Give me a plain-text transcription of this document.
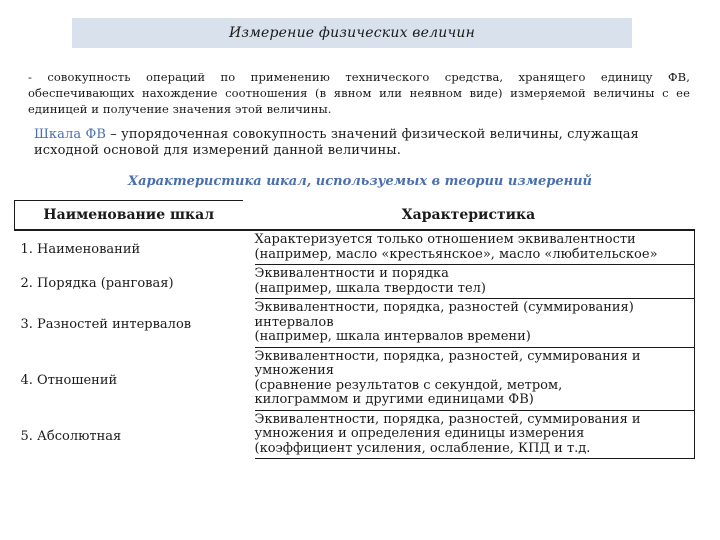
Измерение физических величин
- совокупность операций по применению технического средства, хранящего единицу ФВ, обеспечивающих нахождение соотношения (в явном или неявном виде) измеряемой величины с ее единицей и получение значения этой величины.
Шкала ФВ – упорядоченная совокупность значений физической величины, служащая исходной основой для измерений данной величины.
Характеристика шкал, используемых в теории измерений
Наименование шкал	Характеристика
1. Наименований	Характеризуется только отношением эквивалентности
(например, масло «крестьянское», масло «любительское»

2. Порядка (ранговая)	Эквивалентности и порядка
(например, шкала твердости тел)

3. Разностей интервалов	Эквивалентности, порядка, разностей (суммирования)
интервалов
(например, шкала интервалов времени)

4. Отношений	Эквивалентности, порядка, разностей, суммирования и
умножения
(сравнение результатов с секундой, метром,
килограммом и другими единицами ФВ)

5. Абсолютная	Эквивалентности, порядка, разностей, суммирования и
умножения и определения единицы измерения
(коэффициент усиления, ослабление, КПД и т.д.
